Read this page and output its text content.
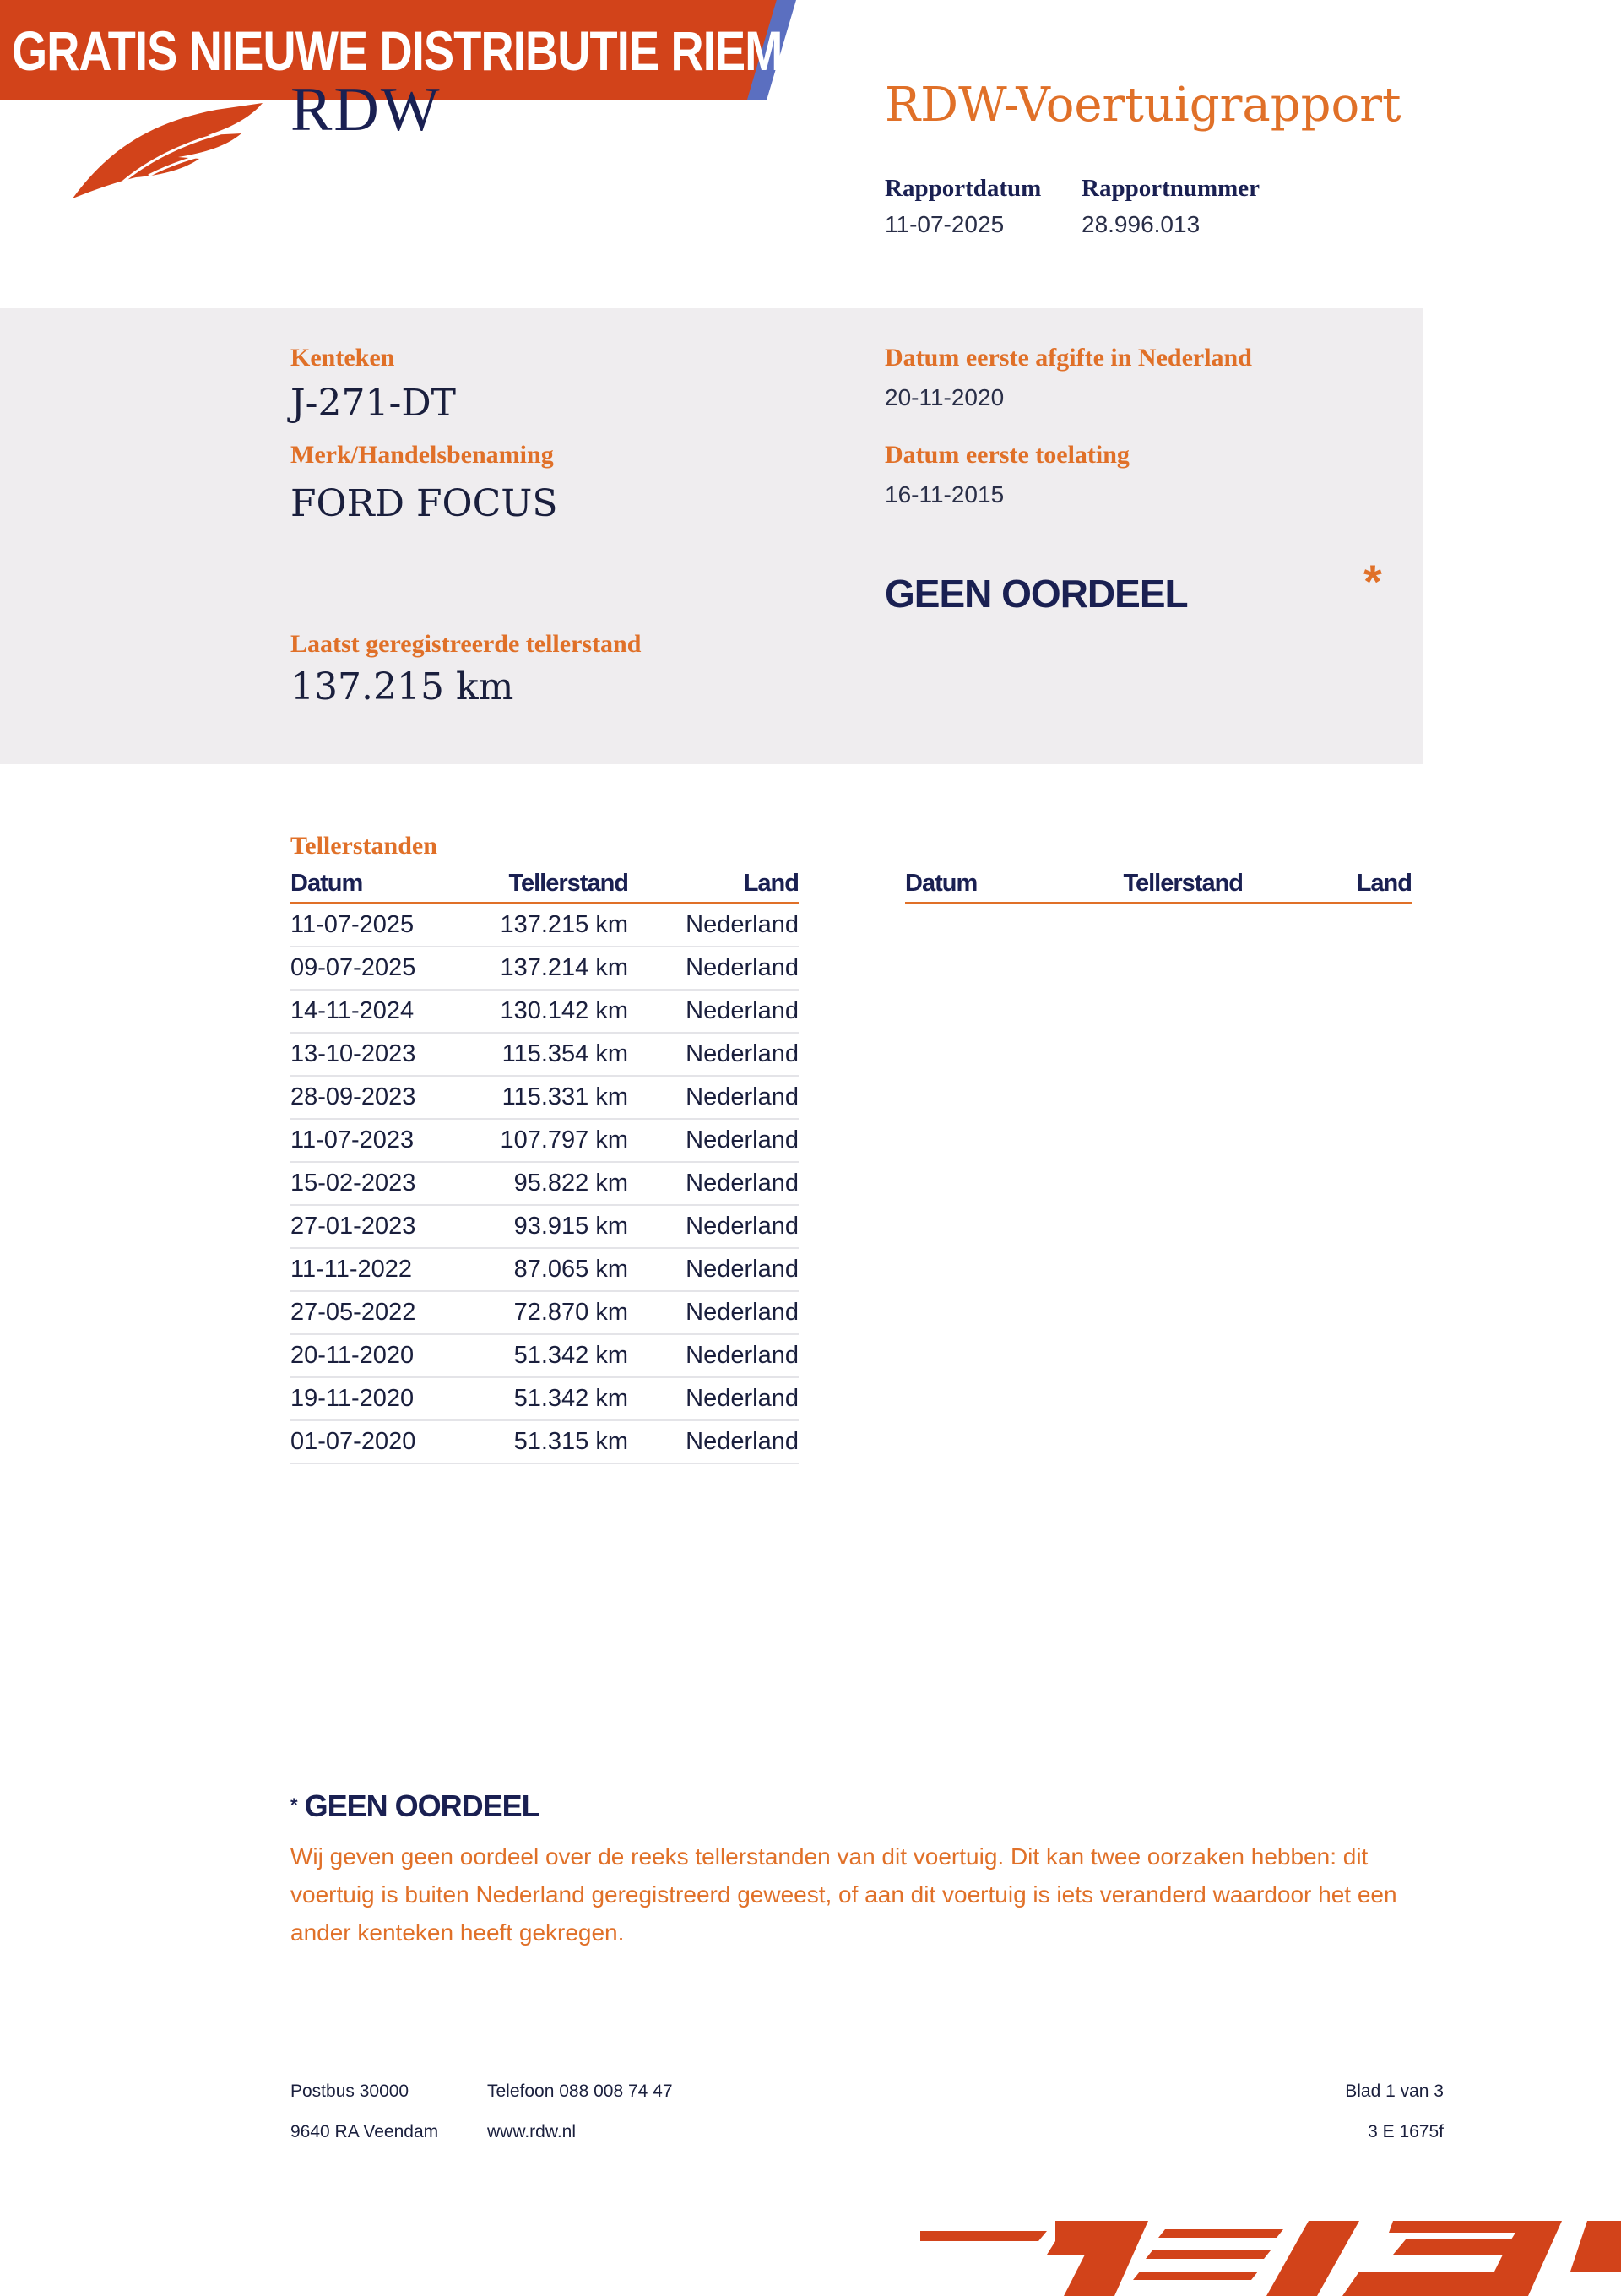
GRATIS NIEUWE DISTRIBUTIE RIEM
RDW	RDW-Voertuigrapport
Rapportdatum
11-07-2025
Rapportnummer
28.996.013
Kenteken
J-271-DT
Merk/Handelsbenaming
FORD FOCUS
Datum eerste afgifte in Nederland
20-11-2020
Datum eerste toelating
16-11-2015
GEEN OORDEEL	*
Laatst geregistreerde tellerstand
137.215 km
Tellerstanden
Datum	Tellerstand	Land
11-07-2025	137.215 km	Nederland
09-07-2025	137.214 km	Nederland
14-11-2024	130.142 km	Nederland
13-10-2023	115.354 km	Nederland
28-09-2023	115.331 km	Nederland
11-07-2023	107.797 km	Nederland
15-02-2023	95.822 km	Nederland
27-01-2023	93.915 km	Nederland
11-11-2022	87.065 km	Nederland
27-05-2022	72.870 km	Nederland
20-11-2020	51.342 km	Nederland
19-11-2020	51.342 km	Nederland
01-07-2020	51.315 km	Nederland
Datum	Tellerstand	Land
* GEEN OORDEEL
Wij geven geen oordeel over de reeks tellerstanden van dit voertuig. Dit kan twee oorzaken hebben: dit voertuig is buiten Nederland geregistreerd geweest, of aan dit voertuig is iets veranderd waardoor het een ander kenteken heeft gekregen.
Postbus 30000
9640 RA Veendam
Telefoon 088 008 74 47
www.rdw.nl
Blad 1 van 3
3 E 1675f
